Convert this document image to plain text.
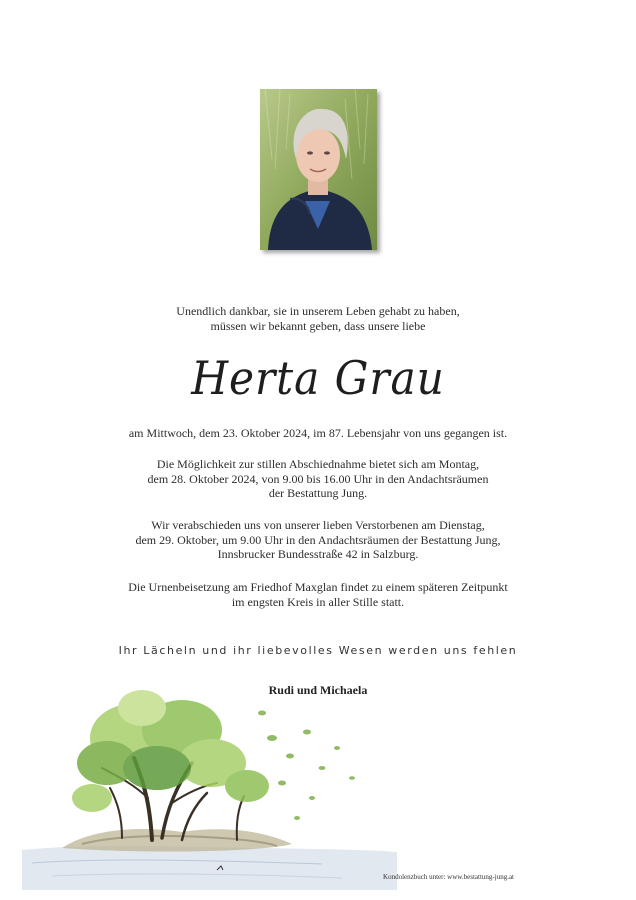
Unendlich dankbar, sie in unserem Leben gehabt zu haben,
müssen wir bekannt geben, dass unsere liebe
Herta Grau
am Mittwoch, dem 23. Oktober 2024, im 87. Lebensjahr von uns gegangen ist.
Die Möglichkeit zur stillen Abschiednahme bietet sich am Montag,
dem 28. Oktober 2024, von 9.00 bis 16.00 Uhr in den Andachtsräumen
der Bestattung Jung.
Wir verabschieden uns von unserer lieben Verstorbenen am Dienstag,
dem 29. Oktober, um 9.00 Uhr in den Andachtsräumen der Bestattung Jung,
Innsbrucker Bundesstraße 42 in Salzburg.
Die Urnenbeisetzung am Friedhof Maxglan findet zu einem späteren Zeitpunkt
im engsten Kreis in aller Stille statt.
Ihr Lächeln und ihr liebevolles Wesen werden uns fehlen
Rudi und Michaela
Kondolenzbuch unter: www.bestattung-jung.at
